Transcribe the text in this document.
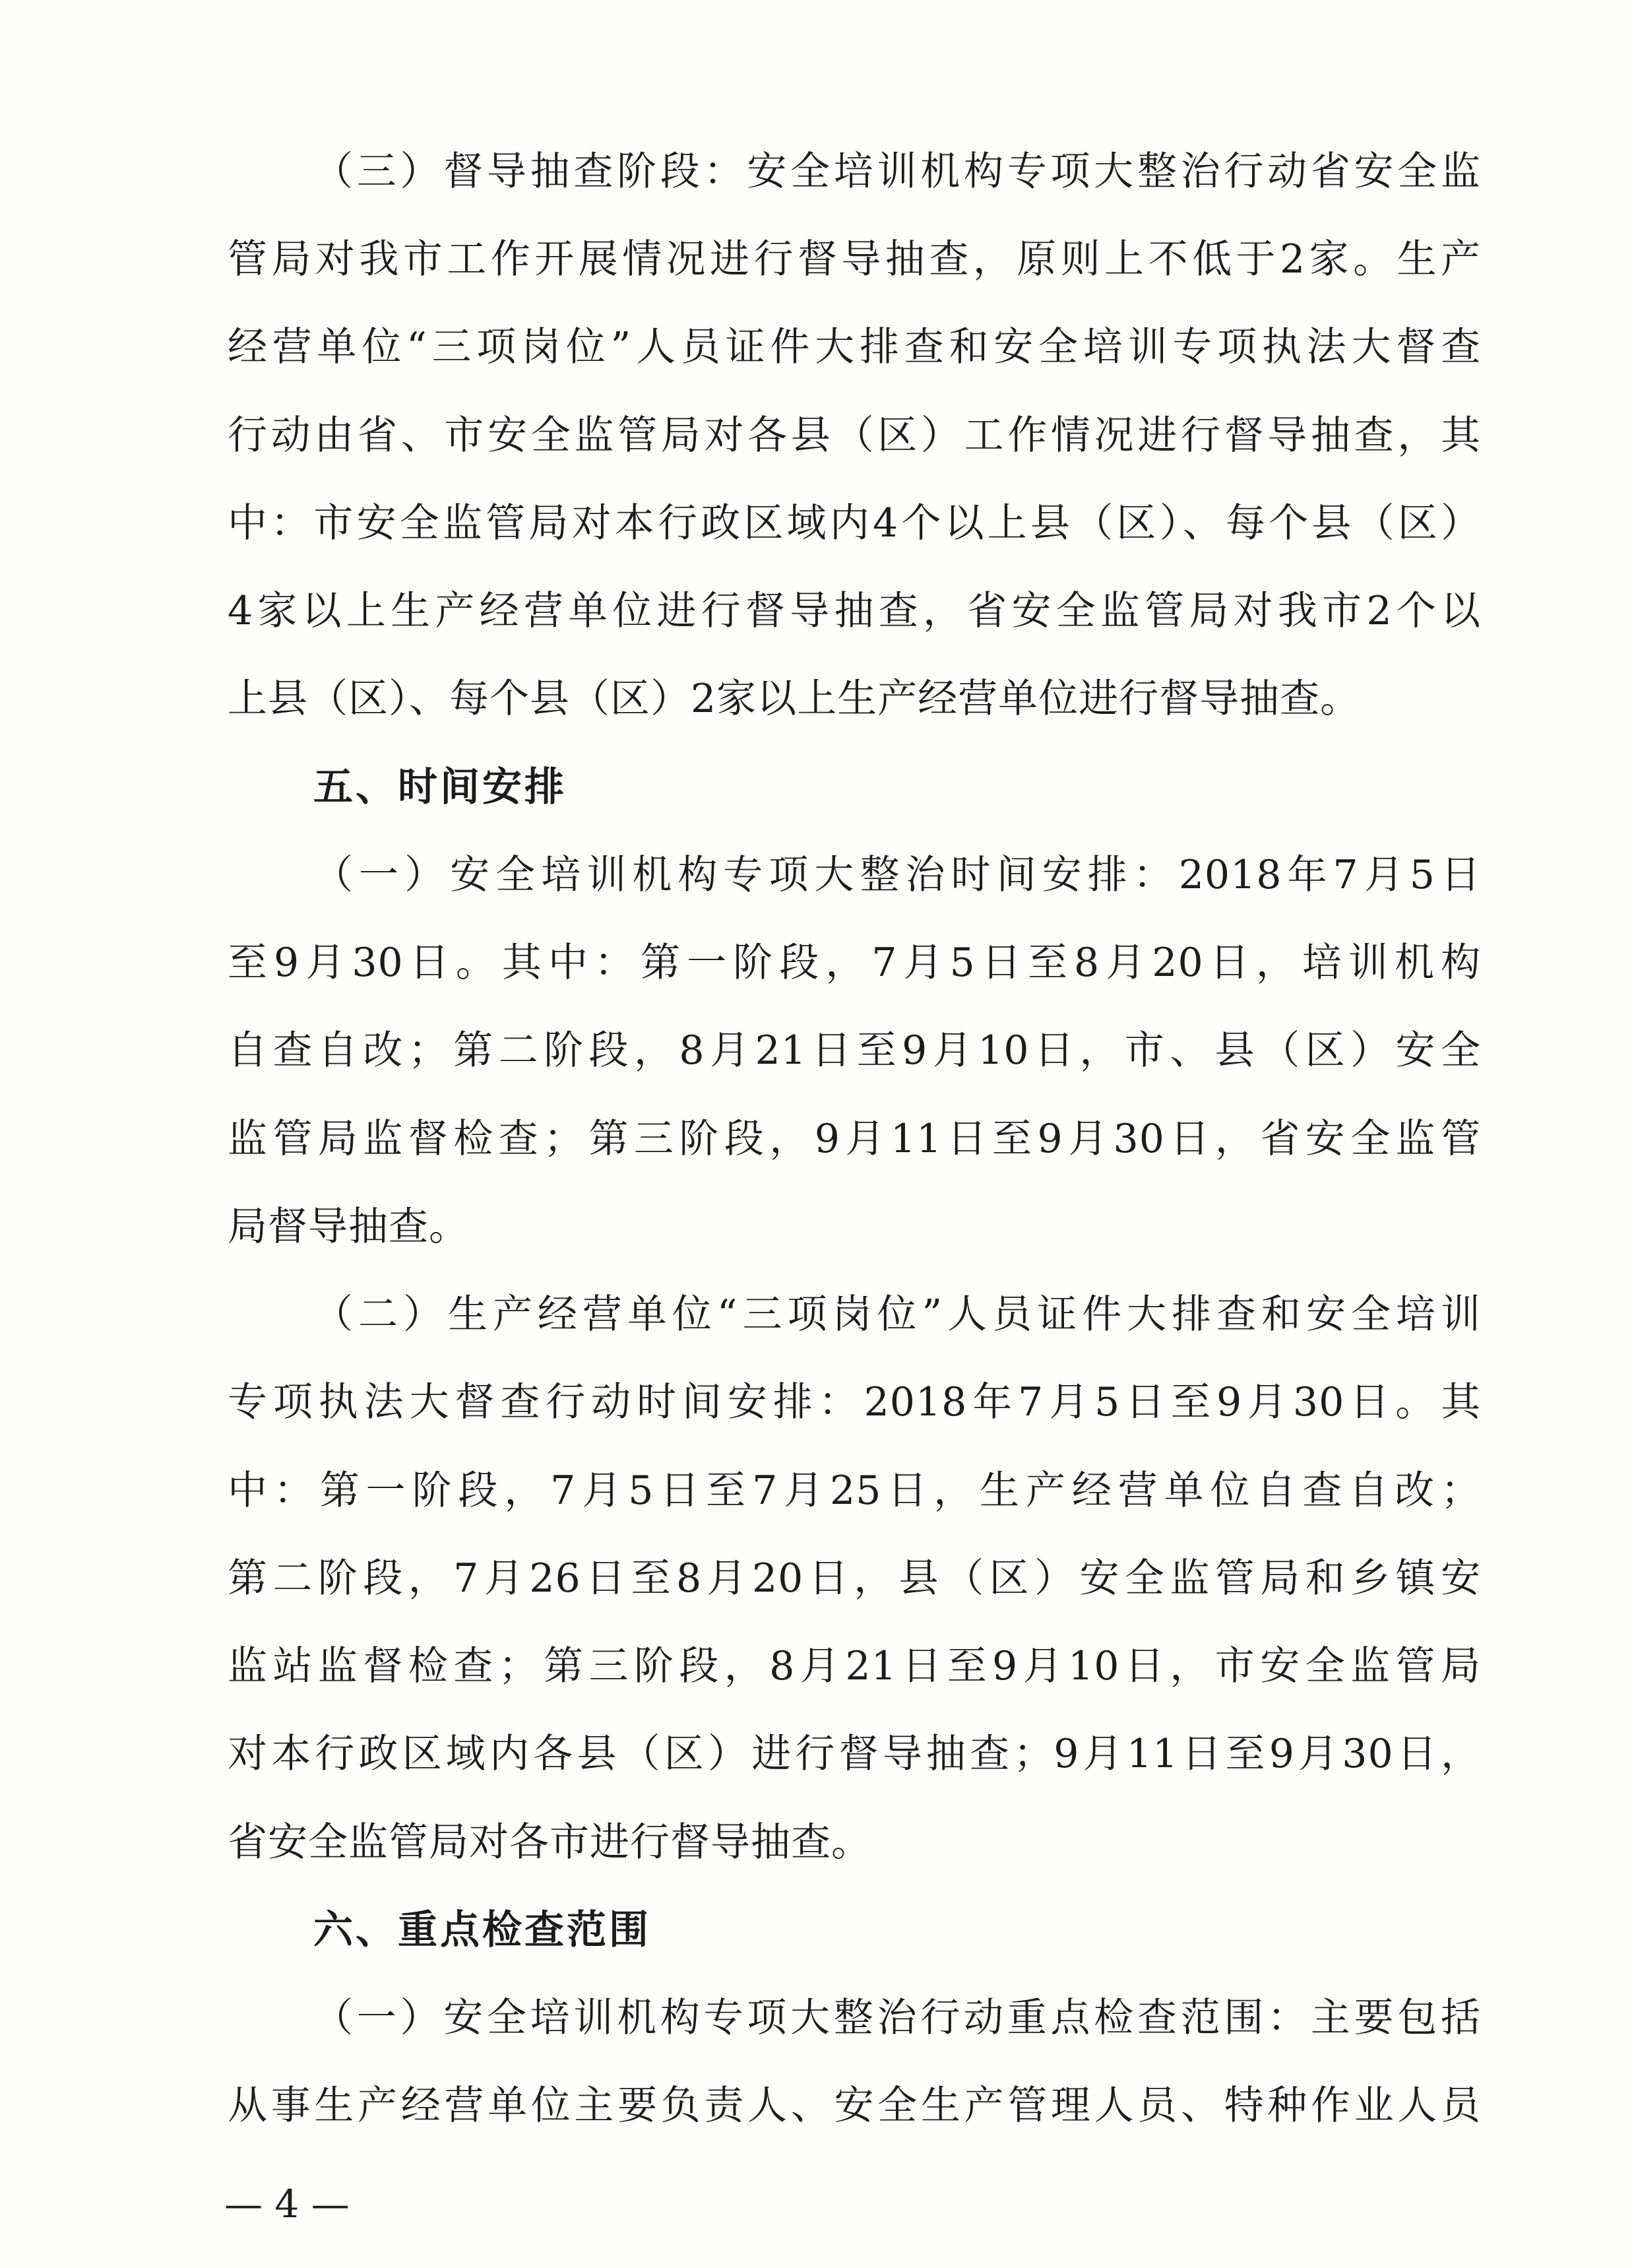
（三）督导抽查阶段：安全培训机构专项大整治行动省安全监
管局对我市工作开展情况进行督导抽查，原则上不低于2家。生产
经营单位“三项岗位”人员证件大排查和安全培训专项执法大督查
行动由省、市安全监管局对各县（区）工作情况进行督导抽查，其
中：市安全监管局对本行政区域内4个以上县（区）、每个县（区）
4家以上生产经营单位进行督导抽查，省安全监管局对我市2个以
上县（区）、每个县（区）2家以上生产经营单位进行督导抽查。
五、时间安排
（一）安全培训机构专项大整治时间安排：2018年7月5日
至9月30日。其中：第一阶段，7月5日至8月20日，培训机构
自查自改；第二阶段，8月21日至9月10日，市、县（区）安全
监管局监督检查；第三阶段，9月11日至9月30日，省安全监管
局督导抽查。
（二）生产经营单位“三项岗位”人员证件大排查和安全培训
专项执法大督查行动时间安排：2018年7月5日至9月30日。其
中：第一阶段，7月5日至7月25日，生产经营单位自查自改；
第二阶段，7月26日至8月20日，县（区）安全监管局和乡镇安
监站监督检查；第三阶段，8月21日至9月10日，市安全监管局
对本行政区域内各县（区）进行督导抽查；9月11日至9月30日，
省安全监管局对各市进行督导抽查。
六、重点检查范围
（一）安全培训机构专项大整治行动重点检查范围：主要包括
从事生产经营单位主要负责人、安全生产管理人员、特种作业人员
— 4 —
